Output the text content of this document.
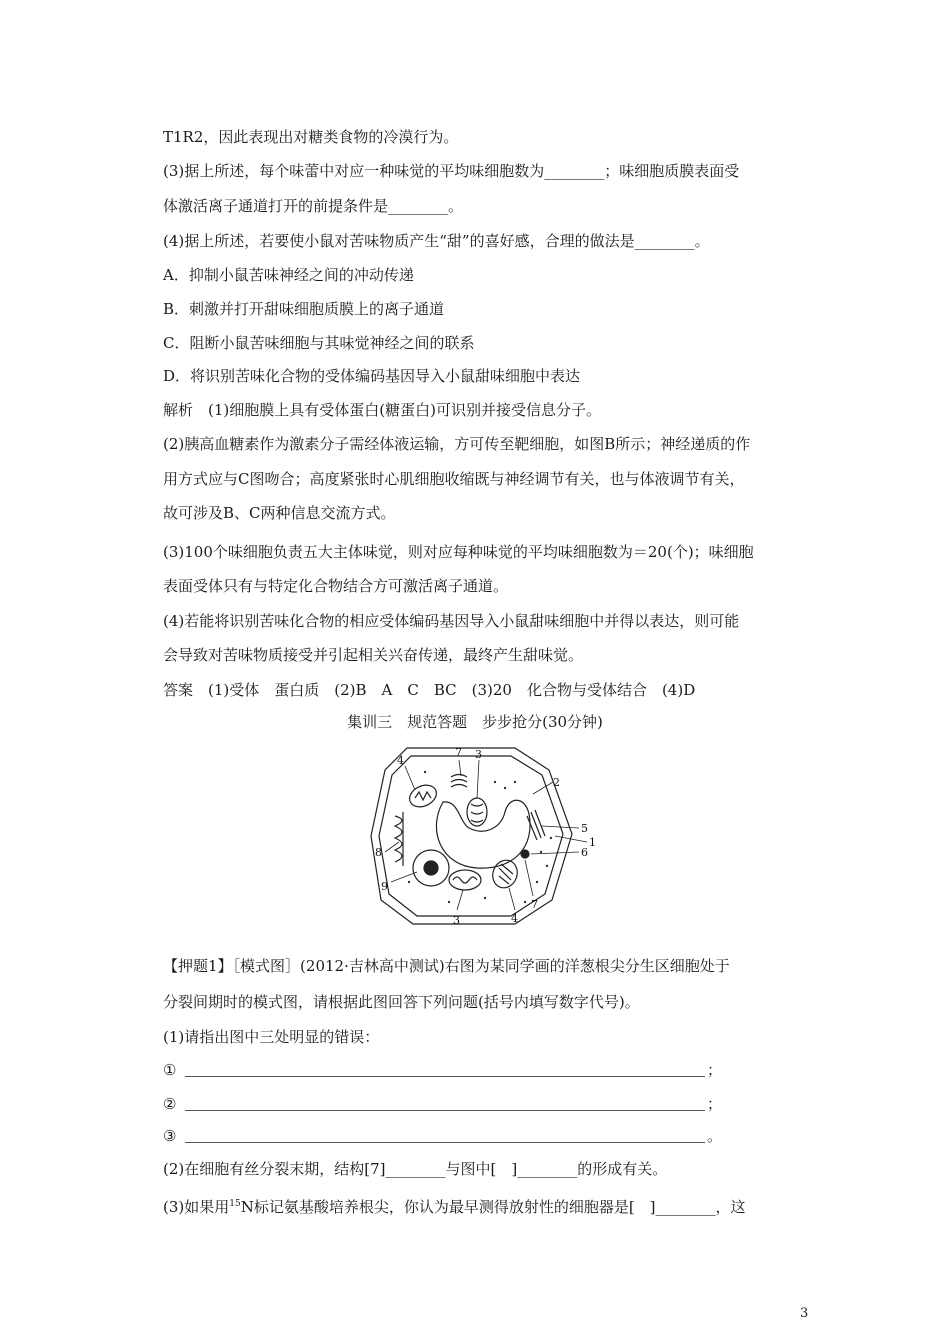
T1R2，因此表现出对糖类食物的冷漠行为。
(3)据上所述，每个味蕾中对应一种味觉的平均味细胞数为________；味细胞质膜表面受
体激活离子通道打开的前提条件是________。
(4)据上所述，若要使小鼠对苦味物质产生“甜”的喜好感，合理的做法是________。
A．抑制小鼠苦味神经之间的冲动传递
B．刺激并打开甜味细胞质膜上的离子通道
C．阻断小鼠苦味细胞与其味觉神经之间的联系
D．将识别苦味化合物的受体编码基因导入小鼠甜味细胞中表达
解析　(1)细胞膜上具有受体蛋白(糖蛋白)可识别并接受信息分子。
(2)胰高血糖素作为激素分子需经体液运输，方可传至靶细胞，如图B所示；神经递质的作
用方式应与C图吻合；高度紧张时心肌细胞收缩既与神经调节有关，也与体液调节有关，
故可涉及B、C两种信息交流方式。
(3)100个味细胞负责五大主体味觉，则对应每种味觉的平均味细胞数为＝20(个)；味细胞
表面受体只有与特定化合物结合方可激活离子通道。
(4)若能将识别苦味化合物的相应受体编码基因导入小鼠甜味细胞中并得以表达，则可能
会导致对苦味物质接受并引起相关兴奋传递，最终产生甜味觉。
答案　(1)受体　蛋白质　(2)B　A　C　BC　(3)20　化合物与受体结合　(4)D
集训三　规范答题　步步抢分(30分钟)
7 3
4
2
1
5
6
8
9
3	4
7
【押题1】［模式图］(2012·吉林高中测试)右图为某同学画的洋葱根尖分生区细胞处于
分裂间期时的模式图，请根据此图回答下列问题(括号内填写数字代号)。
(1)请指出图中三处明显的错误：
①	；
②	；
③	。
(2)在细胞有丝分裂末期，结构[7]________与图中[　]________的形成有关。
(3)如果用$^{15}$N标记氨基酸培养根尖，你认为最早测得放射性的细胞器是[　]________，这
3
